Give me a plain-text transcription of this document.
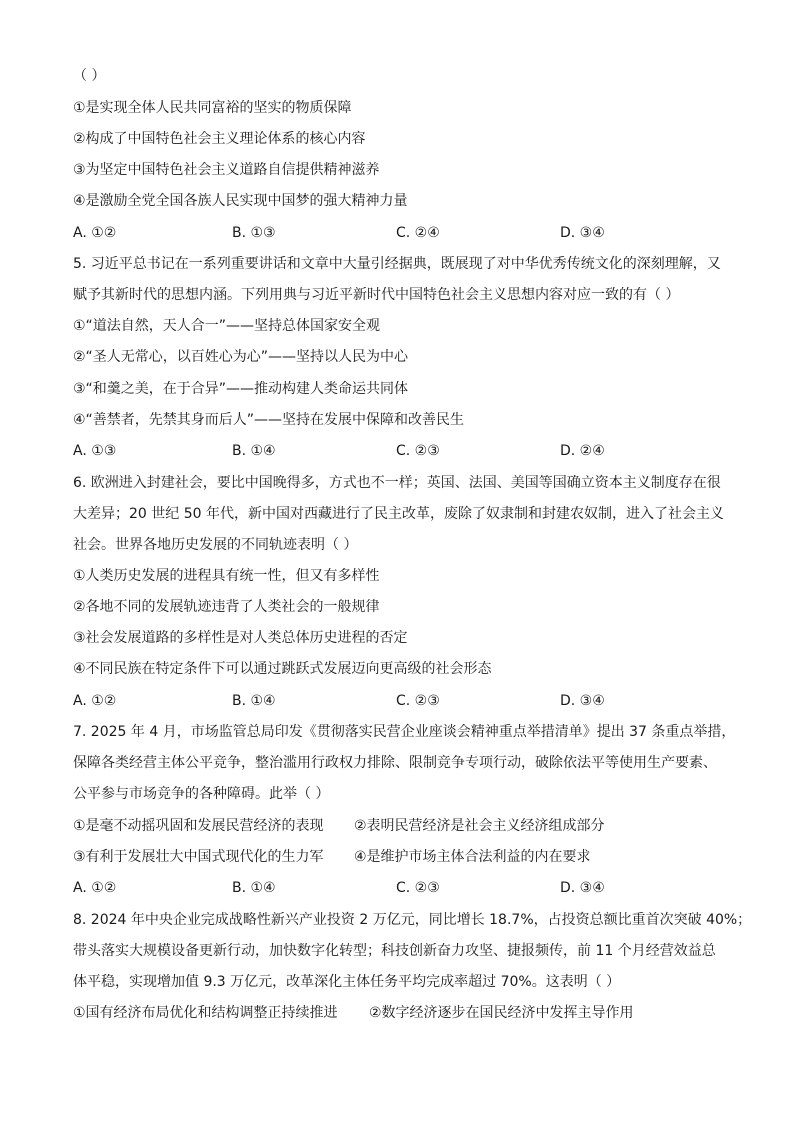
（ ）
①是实现全体人民共同富裕的坚实的物质保障
②构成了中国特色社会主义理论体系的核心内容
③为坚定中国特色社会主义道路自信提供精神滋养
④是激励全党全国各族人民实现中国梦的强大精神力量
A. ①②	B. ①③	C. ②④	D. ③④
5. 习近平总书记在一系列重要讲话和文章中大量引经据典，既展现了对中华优秀传统文化的深刻理解，又
赋予其新时代的思想内涵。下列用典与习近平新时代中国特色社会主义思想内容对应一致的有（ ）
①“道法自然，天人合一”——坚持总体国家安全观
②“圣人无常心，以百姓心为心”——坚持以人民为中心
③“和羹之美，在于合异”——推动构建人类命运共同体
④“善禁者，先禁其身而后人”——坚持在发展中保障和改善民生
A. ①③	B. ①④	C. ②③	D. ②④
6. 欧洲进入封建社会，要比中国晚得多，方式也不一样；英国、法国、美国等国确立资本主义制度存在很
大差异；20 世纪 50 年代，新中国对西藏进行了民主改革，废除了奴隶制和封建农奴制，进入了社会主义
社会。世界各地历史发展的不同轨迹表明（ ）
①人类历史发展的进程具有统一性，但又有多样性
②各地不同的发展轨迹违背了人类社会的一般规律
③社会发展道路的多样性是对人类总体历史进程的否定
④不同民族在特定条件下可以通过跳跃式发展迈向更高级的社会形态
A. ①②	B. ①④	C. ②③	D. ③④
7. 2025 年 4 月，市场监管总局印发《贯彻落实民营企业座谈会精神重点举措清单》提出 37 条重点举措，
保障各类经营主体公平竞争，整治滥用行政权力排除、限制竞争专项行动，破除依法平等使用生产要素、
公平参与市场竞争的各种障碍。此举（ ）
①是毫不动摇巩固和发展民营经济的表现 ②表明民营经济是社会主义经济组成部分
③有利于发展壮大中国式现代化的生力军 ④是维护市场主体合法利益的内在要求
A. ①②	B. ①④	C. ②③	D. ③④
8. 2024 年中央企业完成战略性新兴产业投资 2 万亿元，同比增长 18.7%，占投资总额比重首次突破 40%；
带头落实大规模设备更新行动，加快数字化转型；科技创新奋力攻坚、捷报频传，前 11 个月经营效益总
体平稳，实现增加值 9.3 万亿元，改革深化主体任务平均完成率超过 70%。这表明（ ）
①国有经济布局优化和结构调整正持续推进 ②数字经济逐步在国民经济中发挥主导作用
